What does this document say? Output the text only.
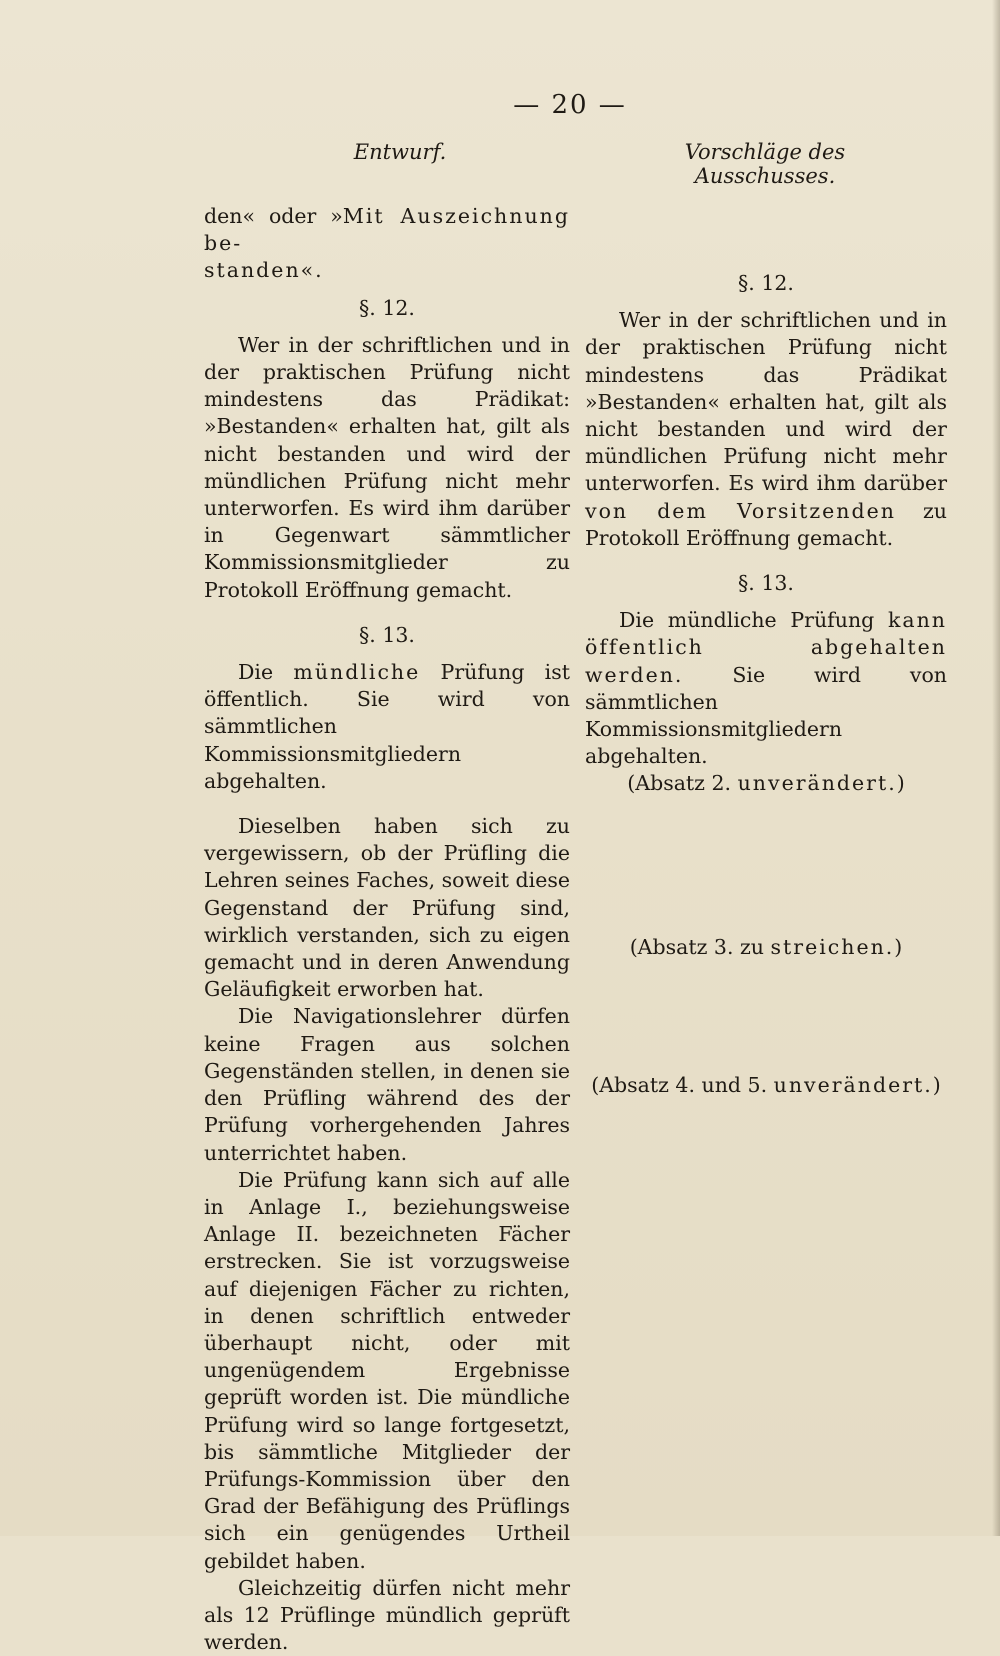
— 20 —
Entwurf.	Vorschläge des Ausschusses.

den« oder »Mit Auszeichnung be-
standen«.

§. 12.

Wer in der schriftlichen und in der praktischen Prüfung nicht mindestens das Prädikat: »Bestanden« erhalten hat, gilt als nicht bestanden und wird der mündlichen Prüfung nicht mehr unterworfen. Es wird ihm darüber in Gegenwart sämmtlicher Kommissionsmitglieder zu Protokoll Eröffnung gemacht.

§. 13.

Die mündliche Prüfung ist öffentlich. Sie wird von sämmtlichen Kommissionsmitgliedern abgehalten.

Dieselben haben sich zu vergewissern, ob der Prüfling die Lehren seines Faches, soweit diese Gegenstand der Prüfung sind, wirklich verstanden, sich zu eigen gemacht und in deren Anwendung Geläufigkeit erworben hat.

Die Navigationslehrer dürfen keine Fragen aus solchen Gegenständen stellen, in denen sie den Prüfling während des der Prüfung vorhergehenden Jahres unterrichtet haben.

Die Prüfung kann sich auf alle in Anlage I., beziehungsweise Anlage II. bezeichneten Fächer erstrecken. Sie ist vorzugsweise auf diejenigen Fächer zu richten, in denen schriftlich entweder überhaupt nicht, oder mit ungenügendem Ergebnisse geprüft worden ist. Die mündliche Prüfung wird so lange fortgesetzt, bis sämmtliche Mitglieder der Prüfungs-Kommission über den Grad der Befähigung des Prüflings sich ein genügendes Urtheil gebildet haben.

Gleichzeitig dürfen nicht mehr als 12 Prüflinge mündlich geprüft werden.

§. 12.

Wer in der schriftlichen und in der praktischen Prüfung nicht mindestens das Prädikat »Bestanden« erhalten hat, gilt als nicht bestanden und wird der mündlichen Prüfung nicht mehr unterworfen. Es wird ihm darüber von dem Vorsitzenden zu Protokoll Eröffnung gemacht.

§. 13.

Die mündliche Prüfung kann öffentlich abgehalten werden. Sie wird von sämmtlichen Kommissionsmitgliedern abgehalten.

(Absatz 2. unverändert.)
(Absatz 3. zu streichen.)
(Absatz 4. und 5. unverändert.)
